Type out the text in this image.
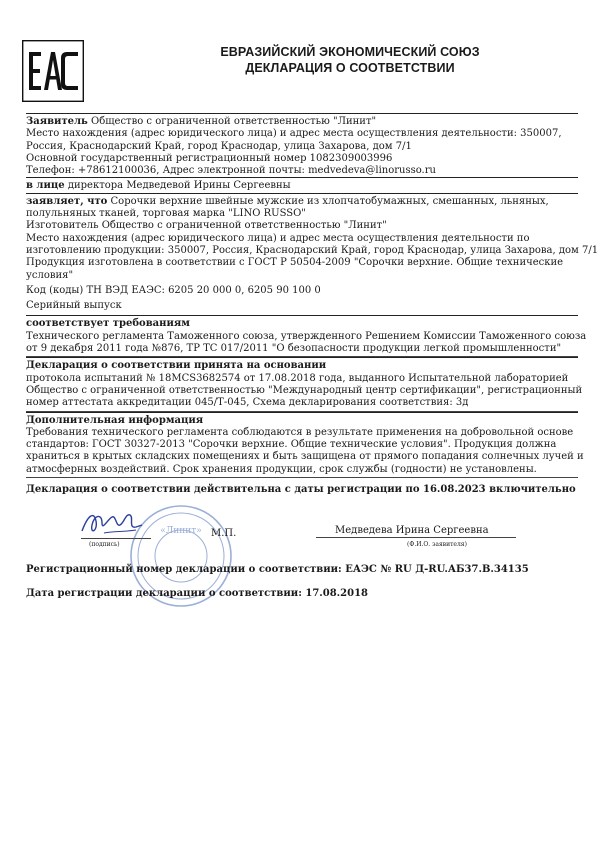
ЕВРАЗИЙСКИЙ ЭКОНОМИЧЕСКИЙ СОЮЗ
ДЕКЛАРАЦИЯ О СООТВЕТСТВИИ
Заявитель Общество с ограниченной ответственностью "Линит"
Место нахождения (адрес юридического лица) и адрес места осуществления деятельности: 350007,
Россия, Краснодарский Край, город Краснодар, улица Захарова, дом 7/1
Основной государственный регистрационный номер 1082309003996
Телефон: +78612100036, Адрес электронной почты: medvedeva@linorusso.ru
в лице директора Медведевой Ирины Сергеевны
заявляет, что Сорочки верхние швейные мужские из хлопчатобумажных, смешанных, льняных,
полульняных тканей, торговая марка "LINO RUSSO"
Изготовитель Общество с ограниченной ответственностью "Линит"
Место нахождения (адрес юридического лица) и адрес места осуществления деятельности по
изготовлению продукции: 350007, Россия, Краснодарский Край, город Краснодар, улица Захарова, дом 7/1
Продукция изготовлена в соответствии с ГОСТ Р 50504-2009 "Сорочки верхние. Общие технические
условия"
Код (коды) ТН ВЭД ЕАЭС: 6205 20 000 0, 6205 90 100 0
Серийный выпуск
соответствует требованиям
Технического регламента Таможенного союза, утвержденного Решением Комиссии Таможенного союза
от 9 декабря 2011 года №876, ТР ТС 017/2011 "О безопасности продукции легкой промышленности"
Декларация о соответствии принята на основании
протокола испытаний № 18MCS3682574 от 17.08.2018 года, выданного Испытательной лабораторией
Общество с ограниченной ответственностью "Международный центр сертификации", регистрационный
номер аттестата аккредитации 045/Т-045, Схема декларирования соответствия: 3д
Дополнительная информация
Требования технического регламента соблюдаются в результате применения на добровольной основе
стандартов: ГОСТ 30327-2013 "Сорочки верхние. Общие технические условия". Продукция должна
храниться в крытых складских помещениях и быть защищена от прямого попадания солнечных лучей и
атмосферных воздействий. Срок хранения продукции, срок службы (годности) не установлены.
Декларация о соответствии действительна с даты регистрации по 16.08.2023 включительно
«Линит»
(подпись)
М.П.	Медведева Ирина Сергеевна
(Ф.И.О. заявителя)
Регистрационный номер декларации о соответствии: ЕАЭС № RU Д-RU.АБ37.В.34135
Дата регистрации декларации о соответствии: 17.08.2018
